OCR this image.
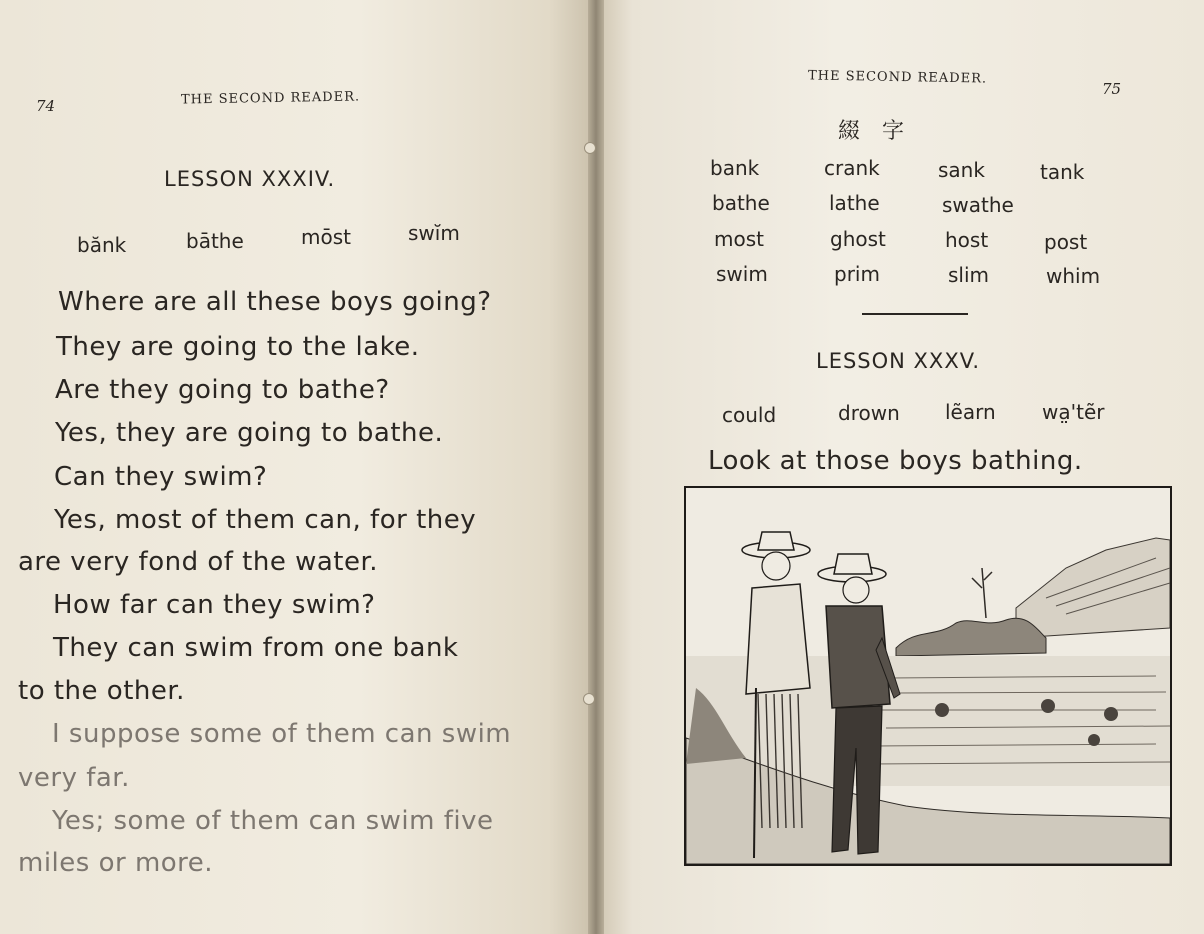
74	THE SECOND READER.
LESSON XXXIV.
bănk	bāthe	mōst	swĭm
Where are all these boys going?
They are going to the lake.
Are they going to bathe?
Yes, they are going to bathe.
Can they swim?
Yes, most of them can, for they
are very fond of the water.
How far can they swim?
They can swim from one bank
to the other.
I suppose some of them can swim
very far.
Yes; some of them can swim five
miles or more.
THE SECOND READER.
75
綴　字
bank	crank	sank	tank
bathe	lathe	swathe
most	ghost	host	post
swim	prim	slim	whim
LESSON XXXV.
could	drown lẽarn wa̤'tẽr
Look at those boys bathing.
